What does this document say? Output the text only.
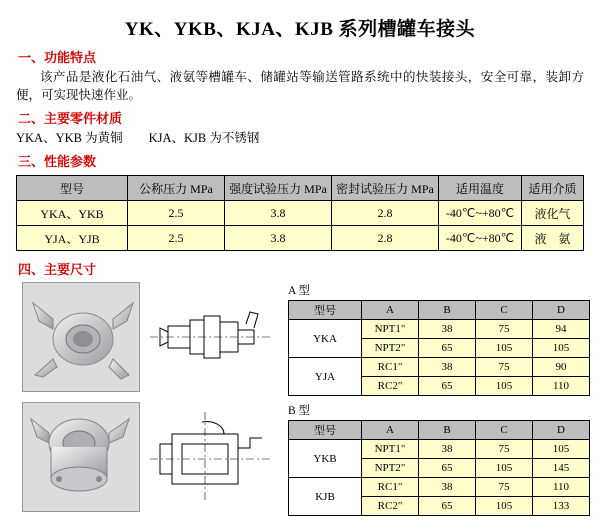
YK、YKB、KJA、KJB 系列槽罐车接头
一、功能特点
该产品是液化石油气、液氨等槽罐车、储罐站等输送管路系统中的快装接头，安全可靠，装卸方便，可实现快速作业。
二、主要零件材质
YKA、YKB 为黄铜 KJA、KJB 为不锈钢
三、性能参数
型号	公称压力 MPa	强度试验压力 MPa	密封试验压力 MPa	适用温度	适用介质
YKA、YKB	2.5	3.8	2.8	-40℃~+80℃	液化气
YJA、YJB	2.5	3.8	2.8	-40℃~+80℃	液　氨
四、主要尺寸
A 型
型号	A	B	C	D
YKA	NPT1"	38	75	94
	NPT2"	65	105	105
YJA	RC1"	38	75	90
	RC2"	65	105	110
B 型
型号	A	B	C	D
YKB	NPT1"	38	75	105
	NPT2"	65	105	145
KJB	RC1"	38	75	110
	RC2"	65	105	133
